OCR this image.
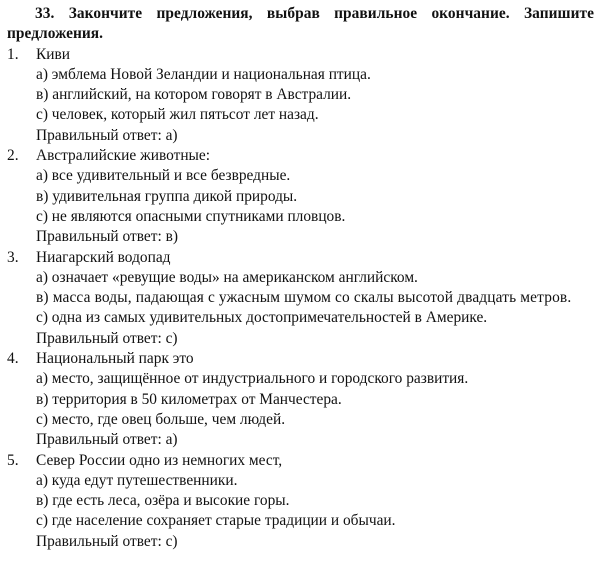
33. Закончите предложения, выбрав правильное окончание. Запишите предложения.
1. Киви
а) эмблема Новой Зеландии и национальная птица.
в) английский, на котором говорят в Австралии.
с) человек, который жил пятьсот лет назад.
Правильный ответ: а)
2. Австралийские животные:
а) все удивительный и все безвредные.
в) удивительная группа дикой природы.
с) не являются опасными спутниками пловцов.
Правильный ответ: в)
3. Ниагарский водопад
а) означает «ревущие воды» на американском английском.
в) масса воды, падающая с ужасным шумом со скалы высотой двадцать метров.
с) одна из самых удивительных достопримечательностей в Америке.
Правильный ответ: с)
4. Национальный парк это
а) место, защищённое от индустриального и городского развития.
в) территория в 50 километрах от Манчестера.
с) место, где овец больше, чем людей.
Правильный ответ: а)
5. Север России одно из немногих мест,
а) куда едут путешественники.
в) где есть леса, озёра и высокие горы.
с) где население сохраняет старые традиции и обычаи.
Правильный ответ: с)
